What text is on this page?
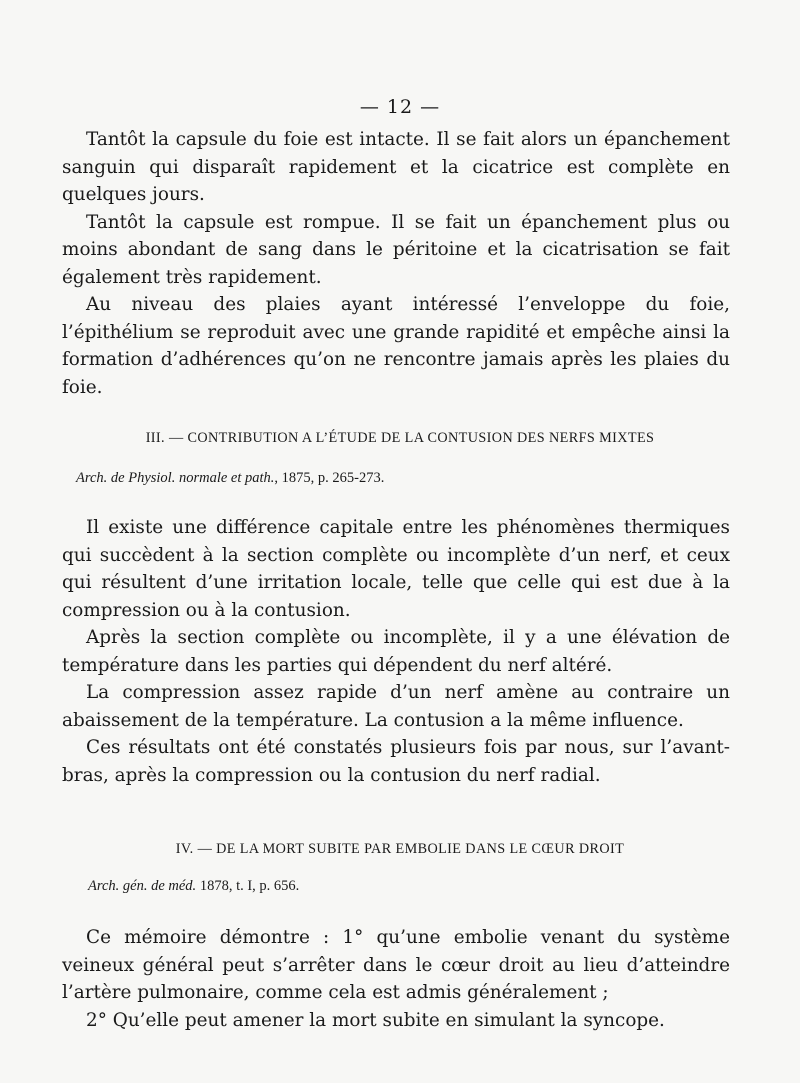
— 12 —

Tantôt la capsule du foie est intacte. Il se fait alors un épanchement sanguin qui disparaît rapidement et la cicatrice est complète en quelques jours.

Tantôt la capsule est rompue. Il se fait un épanchement plus ou moins abondant de sang dans le péritoine et la cicatrisation se fait également très rapidement.

Au niveau des plaies ayant intéressé l’enveloppe du foie, l’épithélium se reproduit avec une grande rapidité et empêche ainsi la formation d’adhérences qu’on ne rencontre jamais après les plaies du foie.

III. — CONTRIBUTION A L’ÉTUDE DE LA CONTUSION DES NERFS MIXTES
Arch. de Physiol. normale et path., 1875, p. 265-273.

Il existe une différence capitale entre les phénomènes thermiques qui succèdent à la section complète ou incomplète d’un nerf, et ceux qui résultent d’une irritation locale, telle que celle qui est due à la compression ou à la contusion.

Après la section complète ou incomplète, il y a une élévation de température dans les parties qui dépendent du nerf altéré.

La compression assez rapide d’un nerf amène au contraire un abaissement de la température. La contusion a la même influence.

Ces résultats ont été constatés plusieurs fois par nous, sur l’avant-bras, après la compression ou la contusion du nerf radial.

IV. — DE LA MORT SUBITE PAR EMBOLIE DANS LE CŒUR DROIT
Arch. gén. de méd. 1878, t. I, p. 656.

Ce mémoire démontre : 1° qu’une embolie venant du système veineux général peut s’arrêter dans le cœur droit au lieu d’atteindre l’artère pulmonaire, comme cela est admis généralement ;

2° Qu’elle peut amener la mort subite en simulant la syncope.
